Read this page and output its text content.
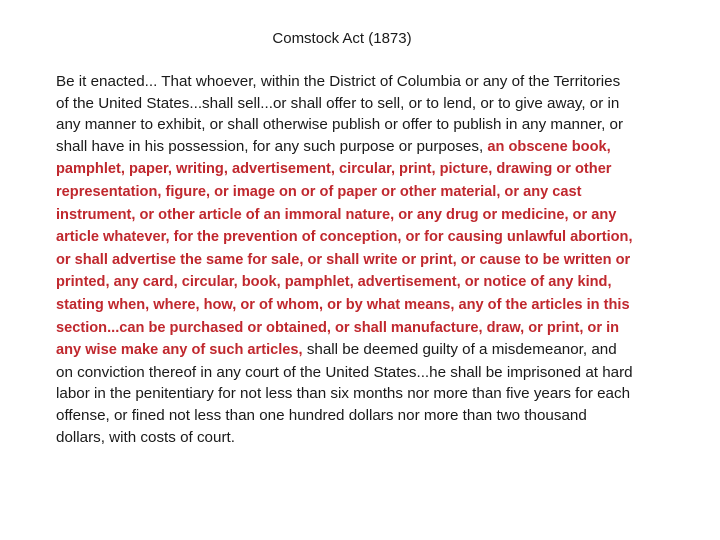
Comstock Act (1873)

Be it enacted... That whoever, within the District of Columbia or any of the Territories of the United States...shall sell...or shall offer to sell, or to lend, or to give away, or in any manner to exhibit, or shall otherwise publish or offer to publish in any manner, or shall have in his possession, for any such purpose or purposes, an obscene book, pamphlet, paper, writing, advertisement, circular, print, picture, drawing or other representation, figure, or image on or of paper or other material, or any cast instrument, or other article of an immoral nature, or any drug or medicine, or any article whatever, for the prevention of conception, or for causing unlawful abortion, or shall advertise the same for sale, or shall write or print, or cause to be written or printed, any card, circular, book, pamphlet, advertisement, or notice of any kind, stating when, where, how, or of whom, or by what means, any of the articles in this section...can be purchased or obtained, or shall manufacture, draw, or print, or in any wise make any of such articles, shall be deemed guilty of a misdemeanor, and on conviction thereof in any court of the United States...he shall be imprisoned at hard labor in the penitentiary for not less than six months nor more than five years for each offense, or fined not less than one hundred dollars nor more than two thousand dollars, with costs of court.
